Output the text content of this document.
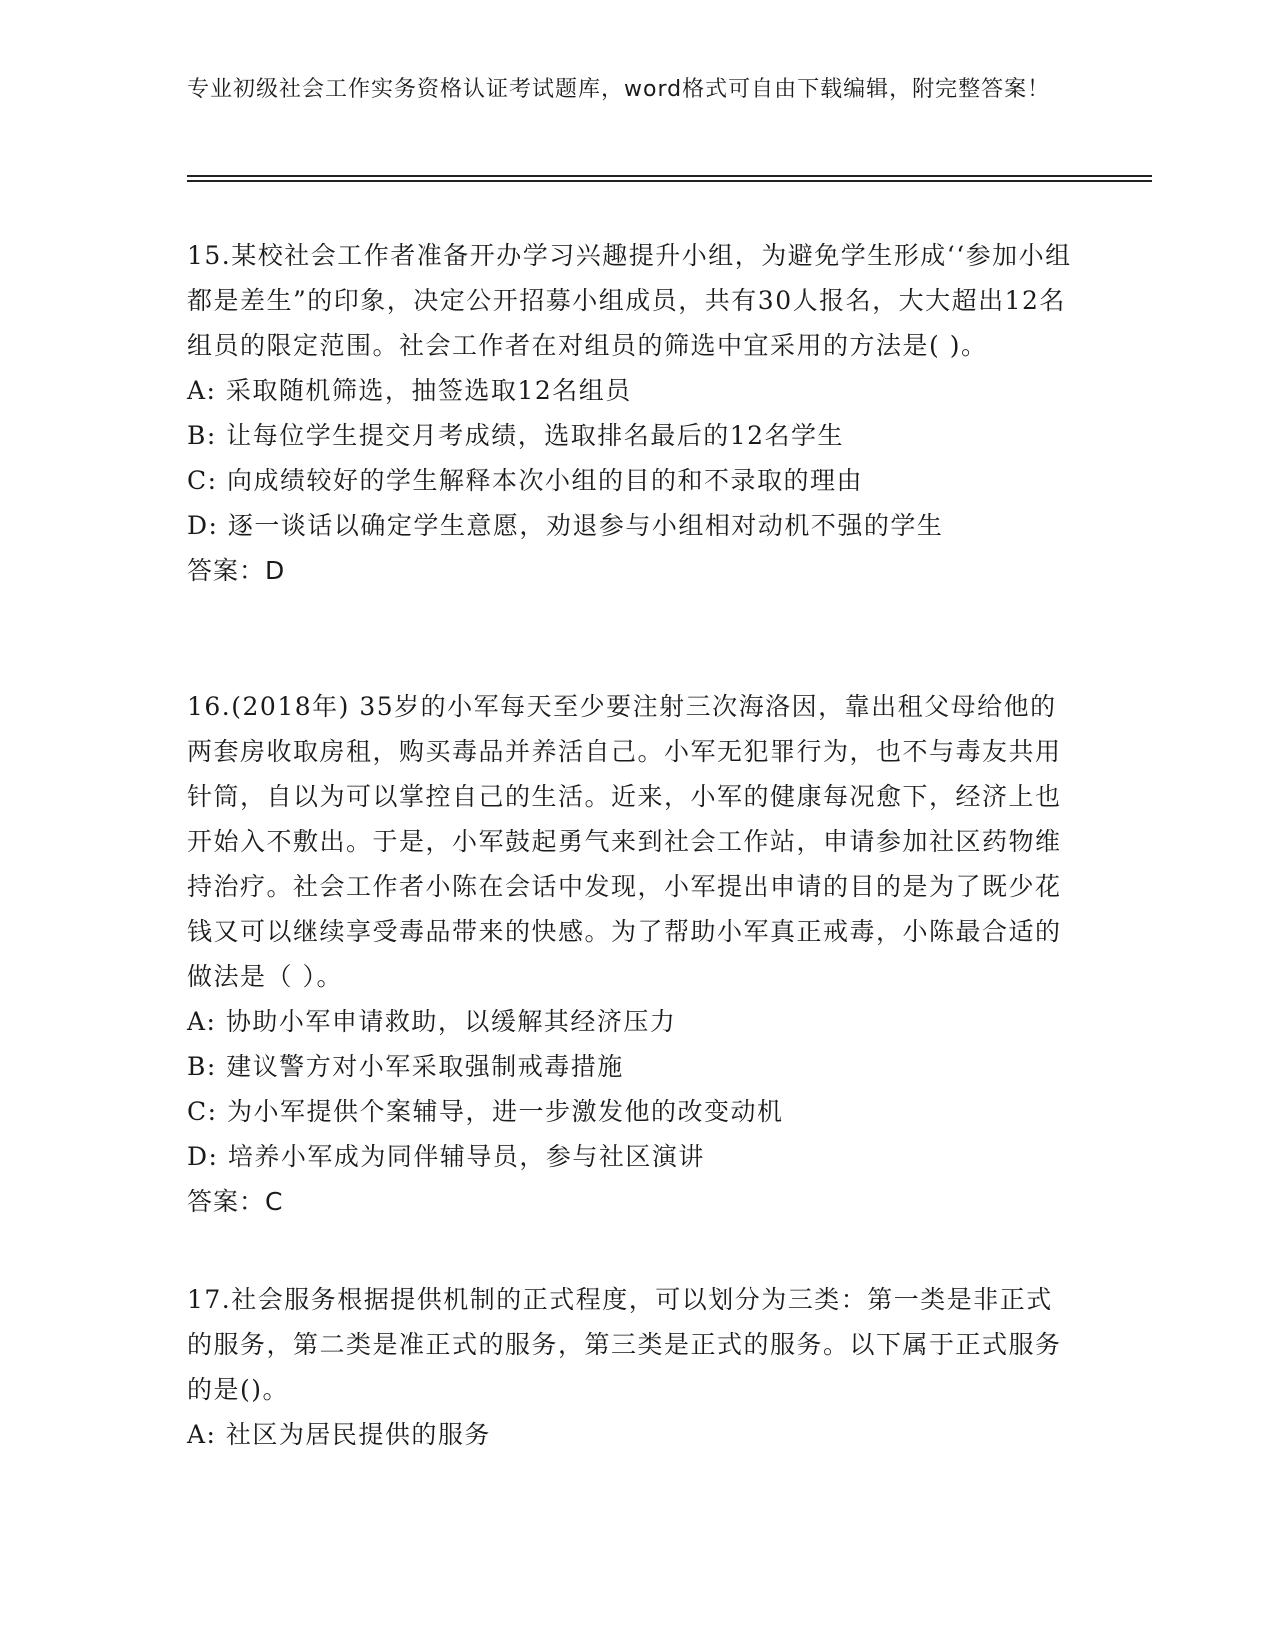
专业初级社会工作实务资格认证考试题库，word格式可自由下载编辑，附完整答案！

15.某校社会工作者准备开办学习兴趣提升小组，为避免学生形成‘‘参加小组都是差生”的印象，决定公开招募小组成员，共有30人报名，大大超出12名组员的限定范围。社会工作者在对组员的筛选中宜采用的方法是( )。

A: 采取随机筛选，抽签选取12名组员

B: 让每位学生提交月考成绩，选取排名最后的12名学生

C: 向成绩较好的学生解释本次小组的目的和不录取的理由

D: 逐一谈话以确定学生意愿，劝退参与小组相对动机不强的学生

答案：D

16.(2018年) 35岁的小军每天至少要注射三次海洛因，靠出租父母给他的两套房收取房租，购买毒品并养活自己。小军无犯罪行为，也不与毒友共用针筒，自以为可以掌控自己的生活。近来，小军的健康每况愈下，经济上也开始入不敷出。于是，小军鼓起勇气来到社会工作站，申请参加社区药物维持治疗。社会工作者小陈在会话中发现，小军提出申请的目的是为了既少花钱又可以继续享受毒品带来的快感。为了帮助小军真正戒毒，小陈最合适的做法是（ ）。

A: 协助小军申请救助，以缓解其经济压力

B: 建议警方对小军采取强制戒毒措施

C: 为小军提供个案辅导，进一步激发他的改变动机

D: 培养小军成为同伴辅导员，参与社区演讲

答案：C

17.社会服务根据提供机制的正式程度，可以划分为三类：第一类是非正式的服务，第二类是准正式的服务，第三类是正式的服务。以下属于正式服务的是()。

A: 社区为居民提供的服务
